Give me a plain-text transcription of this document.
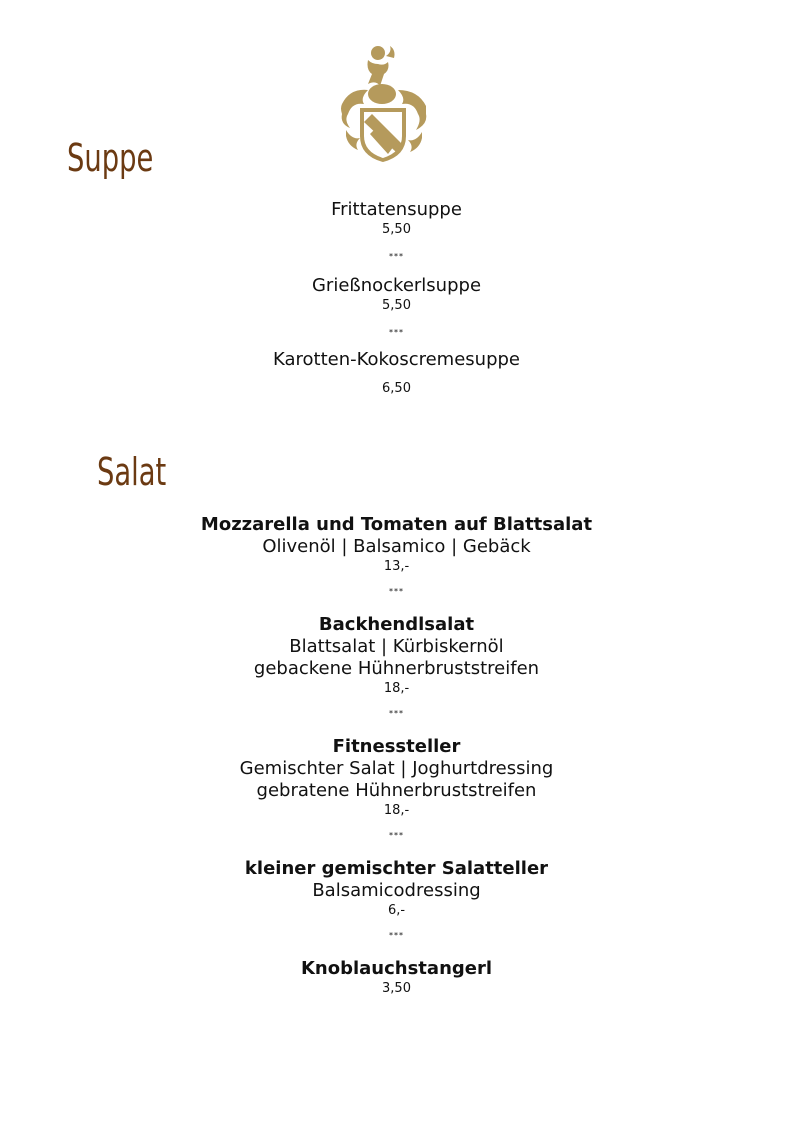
Suppe
Frittatensuppe
5,50
***
Grießnockerlsuppe
5,50
***
Karotten-Kokoscremesuppe
6,50
Salat
Mozzarella und Tomaten auf Blattsalat
Olivenöl | Balsamico | Gebäck
13,-
***
Backhendlsalat
Blattsalat | Kürbiskernöl
gebackene Hühnerbruststreifen
18,-
***
Fitnessteller
Gemischter Salat | Joghurtdressing
gebratene Hühnerbruststreifen
18,-
***
kleiner gemischter Salatteller
Balsamicodressing
6,-
***
Knoblauchstangerl
3,50
